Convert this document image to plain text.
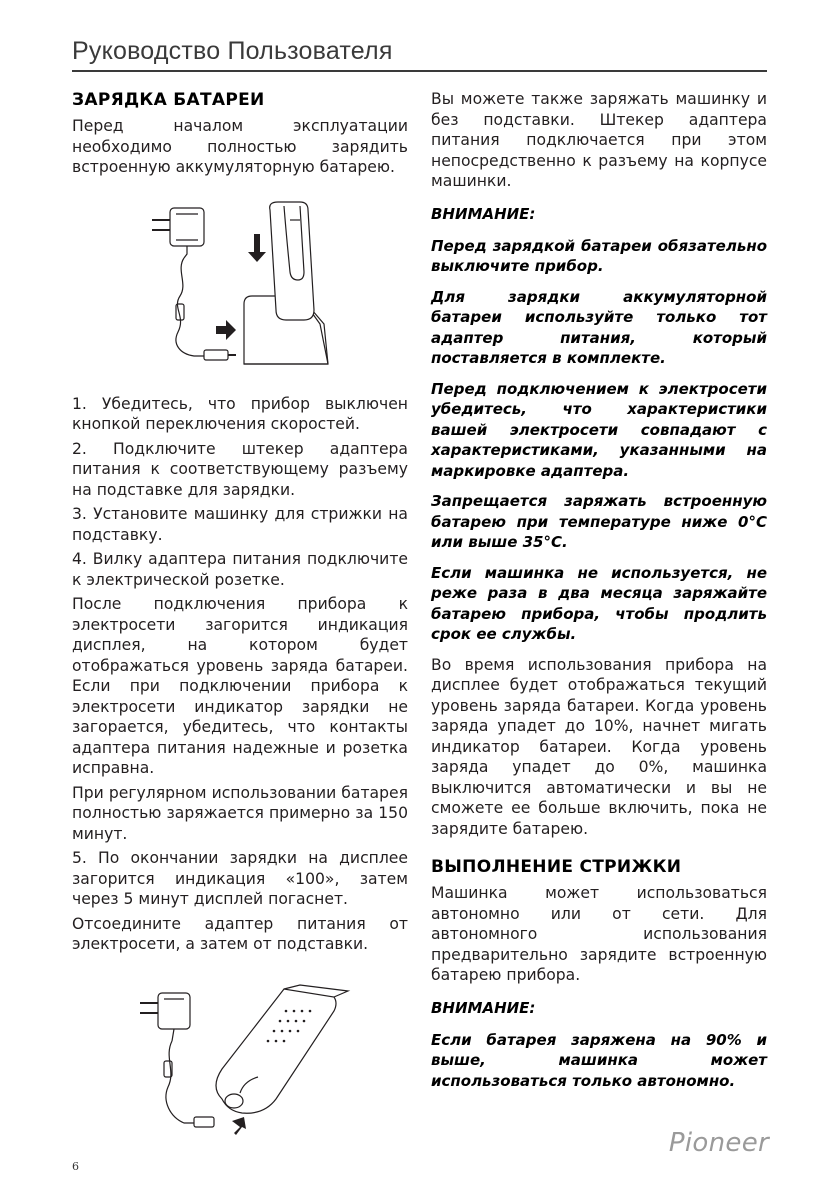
Руководство Пользователя
ЗАРЯДКА БАТАРЕИ

Перед началом эксплуатации необходимо полностью зарядить встроенную аккумуляторную батарею.

1. Убедитесь, что прибор выключен кнопкой переключения скоростей.

2. Подключите штекер адаптера питания к соответствующему разъему на подставке для зарядки.

3. Установите машинку для стрижки на подставку.

4. Вилку адаптера питания подключите к электрической розетке.

После подключения прибора к электросети загорится индикация дисплея, на котором будет отображаться уровень заряда батареи. Если при подключении прибора к электросети индикатор зарядки не загорается, убедитесь, что контакты адаптера питания надежные и розетка исправна.

При регулярном использовании батарея полностью заряжается примерно за 150 минут.

5. По окончании зарядки на дисплее загорится индикация «100», затем через 5 минут дисплей погаснет.

Отсоедините адаптер питания от электросети, а затем от подставки.

Вы можете также заряжать машинку и без подставки. Штекер адаптера питания подключается при этом непосредственно к разъему на корпусе машинки.

ВНИМАНИЕ:

Перед зарядкой батареи обязательно выключите прибор.

Для зарядки аккумуляторной батареи используйте только тот адаптер питания, который поставляется в комплекте.

Перед подключением к электросети убедитесь, что характеристики вашей электросети совпадают с характеристиками, указанными на маркировке адаптера.

Запрещается заряжать встроенную батарею при температуре ниже 0°С или выше 35°С.

Если машинка не используется, не реже раза в два месяца заряжайте батарею прибора, чтобы продлить срок ее службы.

Во время использования прибора на дисплее будет отображаться текущий уровень заряда батареи. Когда уровень заряда упадет до 10%, начнет мигать индикатор батареи. Когда уровень заряда упадет до 0%, машинка выключится автоматически и вы не сможете ее больше включить, пока не зарядите батарею.

ВЫПОЛНЕНИЕ СТРИЖКИ

Машинка может использоваться автономно или от сети. Для автономного использования предварительно зарядите встроенную батарею прибора.

ВНИМАНИЕ:

Если батарея заряжена на 90% и выше, машинка может использоваться только автономно.

6
Pioneer
